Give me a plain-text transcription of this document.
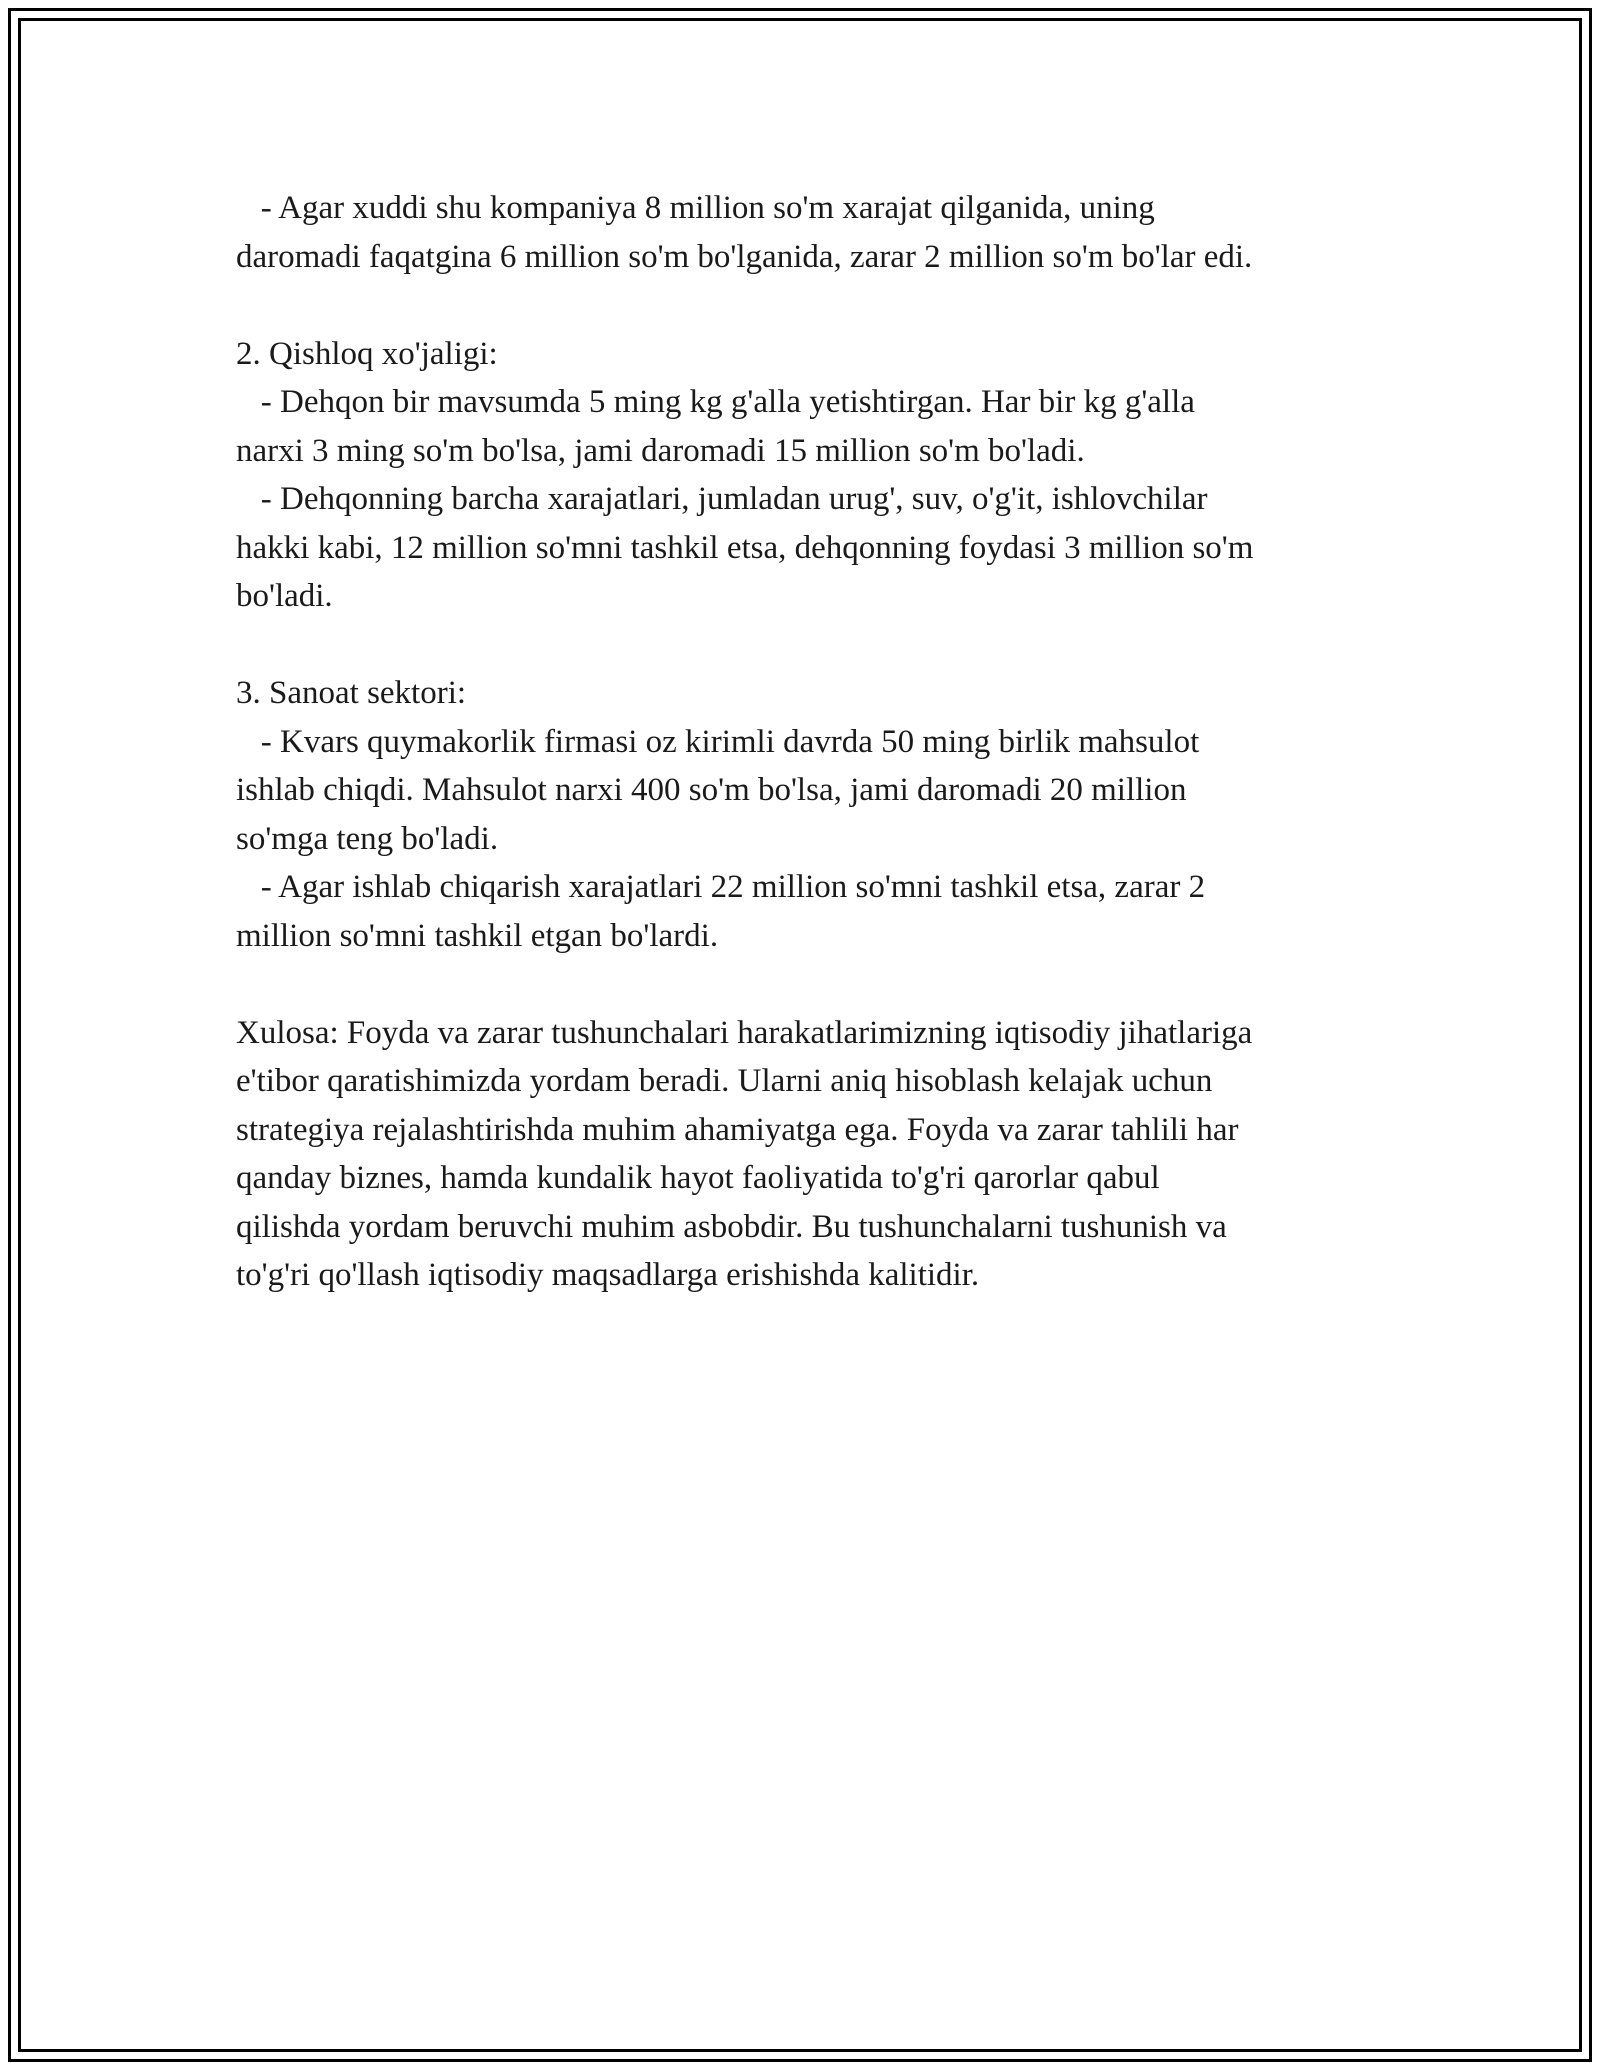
- Agar xuddi shu kompaniya 8 million so'm xarajat qilganida, uning
daromadi faqatgina 6 million so'm bo'lganida, zarar 2 million so'm bo'lar edi.
2. Qishloq xo'jaligi:
- Dehqon bir mavsumda 5 ming kg g'alla yetishtirgan. Har bir kg g'alla
narxi 3 ming so'm bo'lsa, jami daromadi 15 million so'm bo'ladi.
- Dehqonning barcha xarajatlari, jumladan urug', suv, o'g'it, ishlovchilar
hakki kabi, 12 million so'mni tashkil etsa, dehqonning foydasi 3 million so'm
bo'ladi.
3. Sanoat sektori:
- Kvars quymakorlik firmasi oz kirimli davrda 50 ming birlik mahsulot
ishlab chiqdi. Mahsulot narxi 400 so'm bo'lsa, jami daromadi 20 million
so'mga teng bo'ladi.
- Agar ishlab chiqarish xarajatlari 22 million so'mni tashkil etsa, zarar 2
million so'mni tashkil etgan bo'lardi.
Xulosa: Foyda va zarar tushunchalari harakatlarimizning iqtisodiy jihatlariga
e'tibor qaratishimizda yordam beradi. Ularni aniq hisoblash kelajak uchun
strategiya rejalashtirishda muhim ahamiyatga ega. Foyda va zarar tahlili har
qanday biznes, hamda kundalik hayot faoliyatida to'g'ri qarorlar qabul
qilishda yordam beruvchi muhim asbobdir. Bu tushunchalarni tushunish va
to'g'ri qo'llash iqtisodiy maqsadlarga erishishda kalitidir.
